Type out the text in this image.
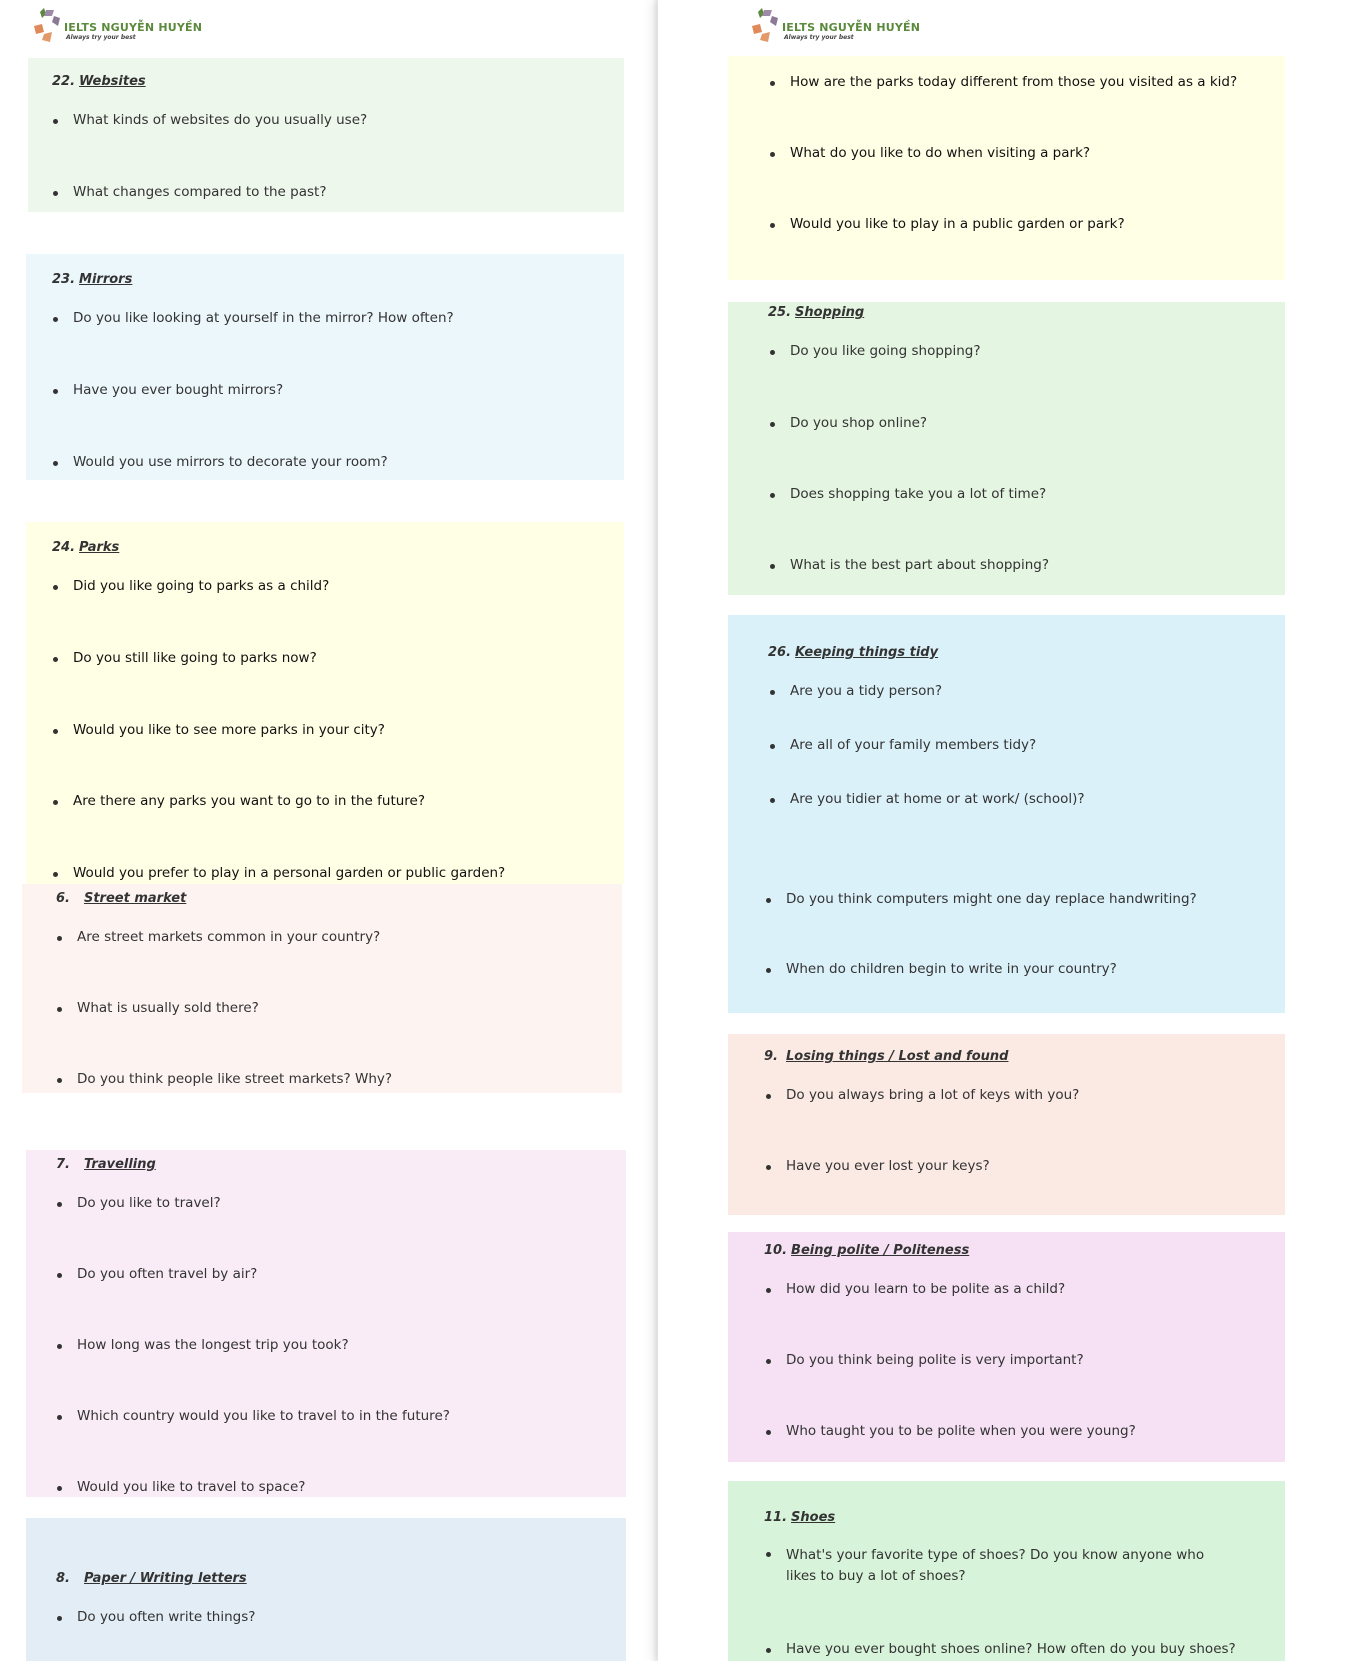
IELTS NGUYỄN HUYỀN
Always try your best
22. Websites
What kinds of websites do you usually use?
What changes compared to the past?
23. Mirrors
Do you like looking at yourself in the mirror? How often?
Have you ever bought mirrors?
Would you use mirrors to decorate your room?
24. Parks
Did you like going to parks as a child?
Do you still like going to parks now?
Would you like to see more parks in your city?
Are there any parks you want to go to in the future?
Would you prefer to play in a personal garden or public garden?
6. Street market
Are street markets common in your country?
What is usually sold there?
Do you think people like street markets? Why?
7. Travelling
Do you like to travel?
Do you often travel by air?
How long was the longest trip you took?
Which country would you like to travel to in the future?
Would you like to travel to space?
8. Paper / Writing letters
Do you often write things?
IELTS NGUYỄN HUYỀN
Always try your best
How are the parks today different from those you visited as a kid?
What do you like to do when visiting a park?
Would you like to play in a public garden or park?
25. Shopping
Do you like going shopping?
Do you shop online?
Does shopping take you a lot of time?
What is the best part about shopping?
26. Keeping things tidy
Are you a tidy person?
Are all of your family members tidy?
Are you tidier at home or at work/ (school)?
Do you think computers might one day replace handwriting?
When do children begin to write in your country?
9. Losing things / Lost and found
Do you always bring a lot of keys with you?
Have you ever lost your keys?
10. Being polite / Politeness
How did you learn to be polite as a child?
Do you think being polite is very important?
Who taught you to be polite when you were young?
11. Shoes
What's your favorite type of shoes? Do you know anyone who likes to buy a lot of shoes?
Have you ever bought shoes online? How often do you buy shoes?
